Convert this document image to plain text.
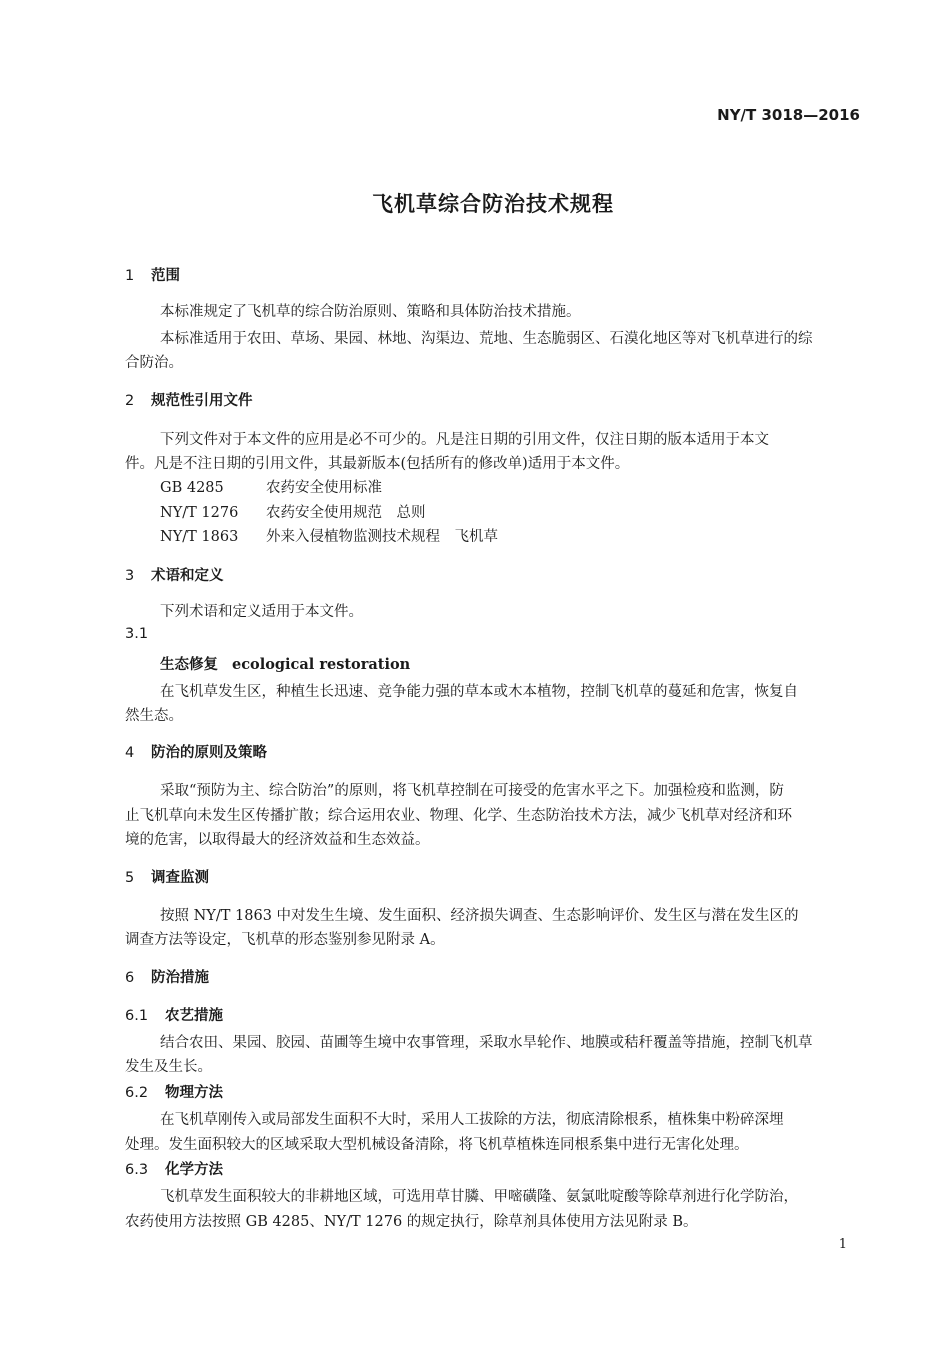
NY/T 3018—2016
飞机草综合防治技术规程
1 范围
本标准规定了飞机草的综合防治原则、策略和具体防治技术措施。
本标准适用于农田、草场、果园、林地、沟渠边、荒地、生态脆弱区、石漠化地区等对飞机草进行的综
合防治。
2 规范性引用文件
下列文件对于本文件的应用是必不可少的。凡是注日期的引用文件，仅注日期的版本适用于本文
件。凡是不注日期的引用文件，其最新版本(包括所有的修改单)适用于本文件。
GB 4285	农药安全使用标准
NY/T 1276 农药安全使用规范　总则
NY/T 1863 外来入侵植物监测技术规程　飞机草
3 术语和定义
下列术语和定义适用于本文件。
3.1
生态修复 ecological restoration
在飞机草发生区，种植生长迅速、竞争能力强的草本或木本植物，控制飞机草的蔓延和危害，恢复自
然生态。
4 防治的原则及策略
采取“预防为主、综合防治”的原则，将飞机草控制在可接受的危害水平之下。加强检疫和监测，防
止飞机草向未发生区传播扩散；综合运用农业、物理、化学、生态防治技术方法，减少飞机草对经济和环
境的危害，以取得最大的经济效益和生态效益。
5 调查监测
按照 NY/T 1863 中对发生生境、发生面积、经济损失调查、生态影响评价、发生区与潜在发生区的
调查方法等设定，飞机草的形态鉴别参见附录 A。
6 防治措施
6.1 农艺措施
结合农田、果园、胶园、苗圃等生境中农事管理，采取水旱轮作、地膜或秸秆覆盖等措施，控制飞机草
发生及生长。
6.2 物理方法
在飞机草刚传入或局部发生面积不大时，采用人工拔除的方法，彻底清除根系，植株集中粉碎深埋
处理。发生面积较大的区域采取大型机械设备清除，将飞机草植株连同根系集中进行无害化处理。
6.3 化学方法
飞机草发生面积较大的非耕地区域，可选用草甘膦、甲嘧磺隆、氨氯吡啶酸等除草剂进行化学防治，
农药使用方法按照 GB 4285、NY/T 1276 的规定执行，除草剂具体使用方法见附录 B。
1
